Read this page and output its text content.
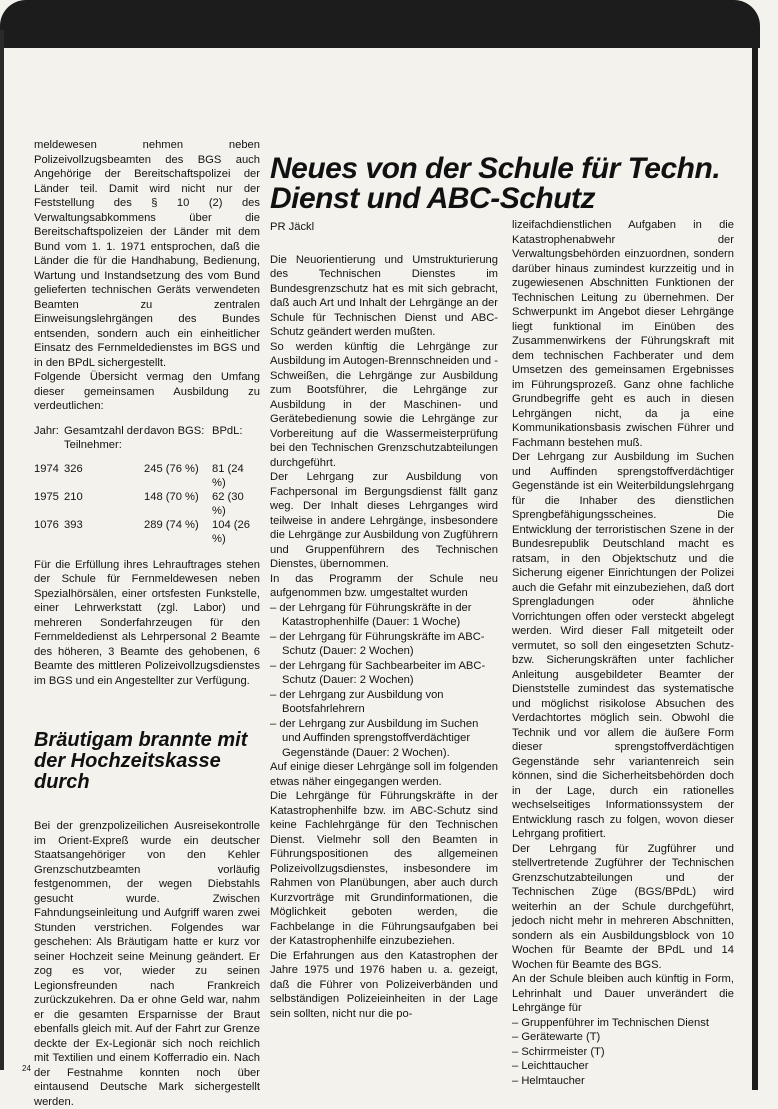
Neues von der Schule für Techn. Dienst und ABC-Schutz

meldewesen nehmen neben Polizeivollzugsbeamten des BGS auch Angehörige der Bereitschaftspolizei der Länder teil. Damit wird nicht nur der Feststellung des § 10 (2) des Verwaltungsabkommens über die Bereitschaftspolizeien der Länder mit dem Bund vom 1. 1. 1971 entsprochen, daß die Länder die für die Handhabung, Bedienung, Wartung und Instandsetzung des vom Bund gelieferten technischen Geräts verwendeten Beamten zu zentralen Einweisungslehrgängen des Bundes entsenden, sondern auch ein einheitlicher Einsatz des Fernmeldedienstes im BGS und in den BPdL sichergestellt.

Folgende Übersicht vermag den Umfang dieser gemeinsamen Ausbildung zu verdeutlichen:

Jahr:	Gesamtzahl der Teilnehmer:	davon BGS:	BPdL:

1974	326	245 (76 %)	81 (24 %)
1975	210	148 (70 %)	62 (30 %)
1076	393	289 (74 %)	104 (26 %)

Für die Erfüllung ihres Lehrauftrages stehen der Schule für Fernmeldewesen neben Spezialhörsälen, einer ortsfesten Funkstelle, einer Lehrwerkstatt (zgl. Labor) und mehreren Sonderfahrzeugen für den Fernmeldedienst als Lehrpersonal 2 Beamte des höheren, 3 Beamte des gehobenen, 6 Beamte des mittleren Polizeivollzugsdienstes im BGS und ein Angestellter zur Verfügung.

Bräutigam brannte mit der Hochzeitskasse durch

Bei der grenzpolizeilichen Ausreisekontrolle im Orient-Expreß wurde ein deutscher Staatsangehöriger von den Kehler Grenzschutzbeamten vorläufig festgenommen, der wegen Diebstahls gesucht wurde. Zwischen Fahndungseinleitung und Aufgriff waren zwei Stunden verstrichen. Folgendes war geschehen: Als Bräutigam hatte er kurz vor seiner Hochzeit seine Meinung geändert. Er zog es vor, wieder zu seinen Legionsfreunden nach Frankreich zurückzukehren. Da er ohne Geld war, nahm er die gesamten Ersparnisse der Braut ebenfalls gleich mit. Auf der Fahrt zur Grenze deckte der Ex-Legionär sich noch reichlich mit Textilien und einem Kofferradio ein. Nach der Festnahme konnten noch über eintausend Deutsche Mark sichergestellt werden.

PR Jäckl

Die Neuorientierung und Umstrukturierung des Technischen Dienstes im Bundesgrenzschutz hat es mit sich gebracht, daß auch Art und Inhalt der Lehrgänge an der Schule für Technischen Dienst und ABC-Schutz geändert werden mußten.

So werden künftig die Lehrgänge zur Ausbildung im Autogen-Brennschneiden und -Schweißen, die Lehrgänge zur Ausbildung zum Bootsführer, die Lehrgänge zur Ausbildung in der Maschinen- und Gerätebedienung sowie die Lehrgänge zur Vorbereitung auf die Wassermeisterprüfung bei den Technischen Grenzschutzabteilungen durchgeführt.

Der Lehrgang zur Ausbildung von Fachpersonal im Bergungsdienst fällt ganz weg. Der Inhalt dieses Lehrganges wird teilweise in andere Lehrgänge, insbesondere die Lehrgänge zur Ausbildung von Zugführern und Gruppenführern des Technischen Dienstes, übernommen.

In das Programm der Schule neu aufgenommen bzw. umgestaltet wurden

– der Lehrgang für Führungskräfte in der Katastrophenhilfe (Dauer: 1 Woche)
– der Lehrgang für Führungskräfte im ABC-Schutz (Dauer: 2 Wochen)
– der Lehrgang für Sachbearbeiter im ABC-Schutz (Dauer: 2 Wochen)
– der Lehrgang zur Ausbildung von Bootsfahrlehrern
– der Lehrgang zur Ausbildung im Suchen und Auffinden sprengstoffverdächtiger Gegenstände (Dauer: 2 Wochen).

Auf einige dieser Lehrgänge soll im folgenden etwas näher eingegangen werden.

Die Lehrgänge für Führungskräfte in der Katastrophenhilfe bzw. im ABC-Schutz sind keine Fachlehrgänge für den Technischen Dienst. Vielmehr soll den Beamten in Führungspositionen des allgemeinen Polizeivollzugsdienstes, insbesondere im Rahmen von Planübungen, aber auch durch Kurzvorträge mit Grundinformationen, die Möglichkeit geboten werden, die Fachbelange in die Führungsaufgaben bei der Katastrophenhilfe einzubeziehen.

Die Erfahrungen aus den Katastrophen der Jahre 1975 und 1976 haben u. a. gezeigt, daß die Führer von Polizeiverbänden und selbständigen Polizeieinheiten in der Lage sein sollten, nicht nur die po-

lizeifachdienstlichen Aufgaben in die Katastrophenabwehr der Verwaltungsbehörden einzuordnen, sondern darüber hinaus zumindest kurzzeitig und in zugewiesenen Abschnitten Funktionen der Technischen Leitung zu übernehmen. Der Schwerpunkt im Angebot dieser Lehrgänge liegt funktional im Einüben des Zusammenwirkens der Führungskraft mit dem technischen Fachberater und dem Umsetzen des gemeinsamen Ergebnisses im Führungsprozeß. Ganz ohne fachliche Grundbegriffe geht es auch in diesen Lehrgängen nicht, da ja eine Kommunikationsbasis zwischen Führer und Fachmann bestehen muß.

Der Lehrgang zur Ausbildung im Suchen und Auffinden sprengstoffverdächtiger Gegenstände ist ein Weiterbildungslehrgang für die Inhaber des dienstlichen Sprengbefähigungsscheines. Die Entwicklung der terroristischen Szene in der Bundesrepublik Deutschland macht es ratsam, in den Objektschutz und die Sicherung eigener Einrichtungen der Polizei auch die Gefahr mit einzubeziehen, daß dort Sprengladungen oder ähnliche Vorrichtungen offen oder versteckt abgelegt werden. Wird dieser Fall mitgeteilt oder vermutet, so soll den eingesetzten Schutz- bzw. Sicherungskräften unter fachlicher Anleitung ausgebildeter Beamter der Dienststelle zumindest das systematische und möglichst risikolose Absuchen des Verdachtortes möglich sein. Obwohl die Technik und vor allem die äußere Form dieser sprengstoffverdächtigen Gegenstände sehr variantenreich sein können, sind die Sicherheitsbehörden doch in der Lage, durch ein rationelles wechselseitiges Informationssystem der Entwicklung rasch zu folgen, wovon dieser Lehrgang profitiert.

Der Lehrgang für Zugführer und stellvertretende Zugführer der Technischen Grenzschutzabteilungen und der Technischen Züge (BGS/BPdL) wird weiterhin an der Schule durchgeführt, jedoch nicht mehr in mehreren Abschnitten, sondern als ein Ausbildungsblock von 10 Wochen für Beamte der BPdL und 14 Wochen für Beamte des BGS.

An der Schule bleiben auch künftig in Form, Lehrinhalt und Dauer unverändert die Lehrgänge für

– Gruppenführer im Technischen Dienst
– Gerätewarte (T)
– Schirrmeister (T)
– Leichttaucher
– Helmtaucher
24
